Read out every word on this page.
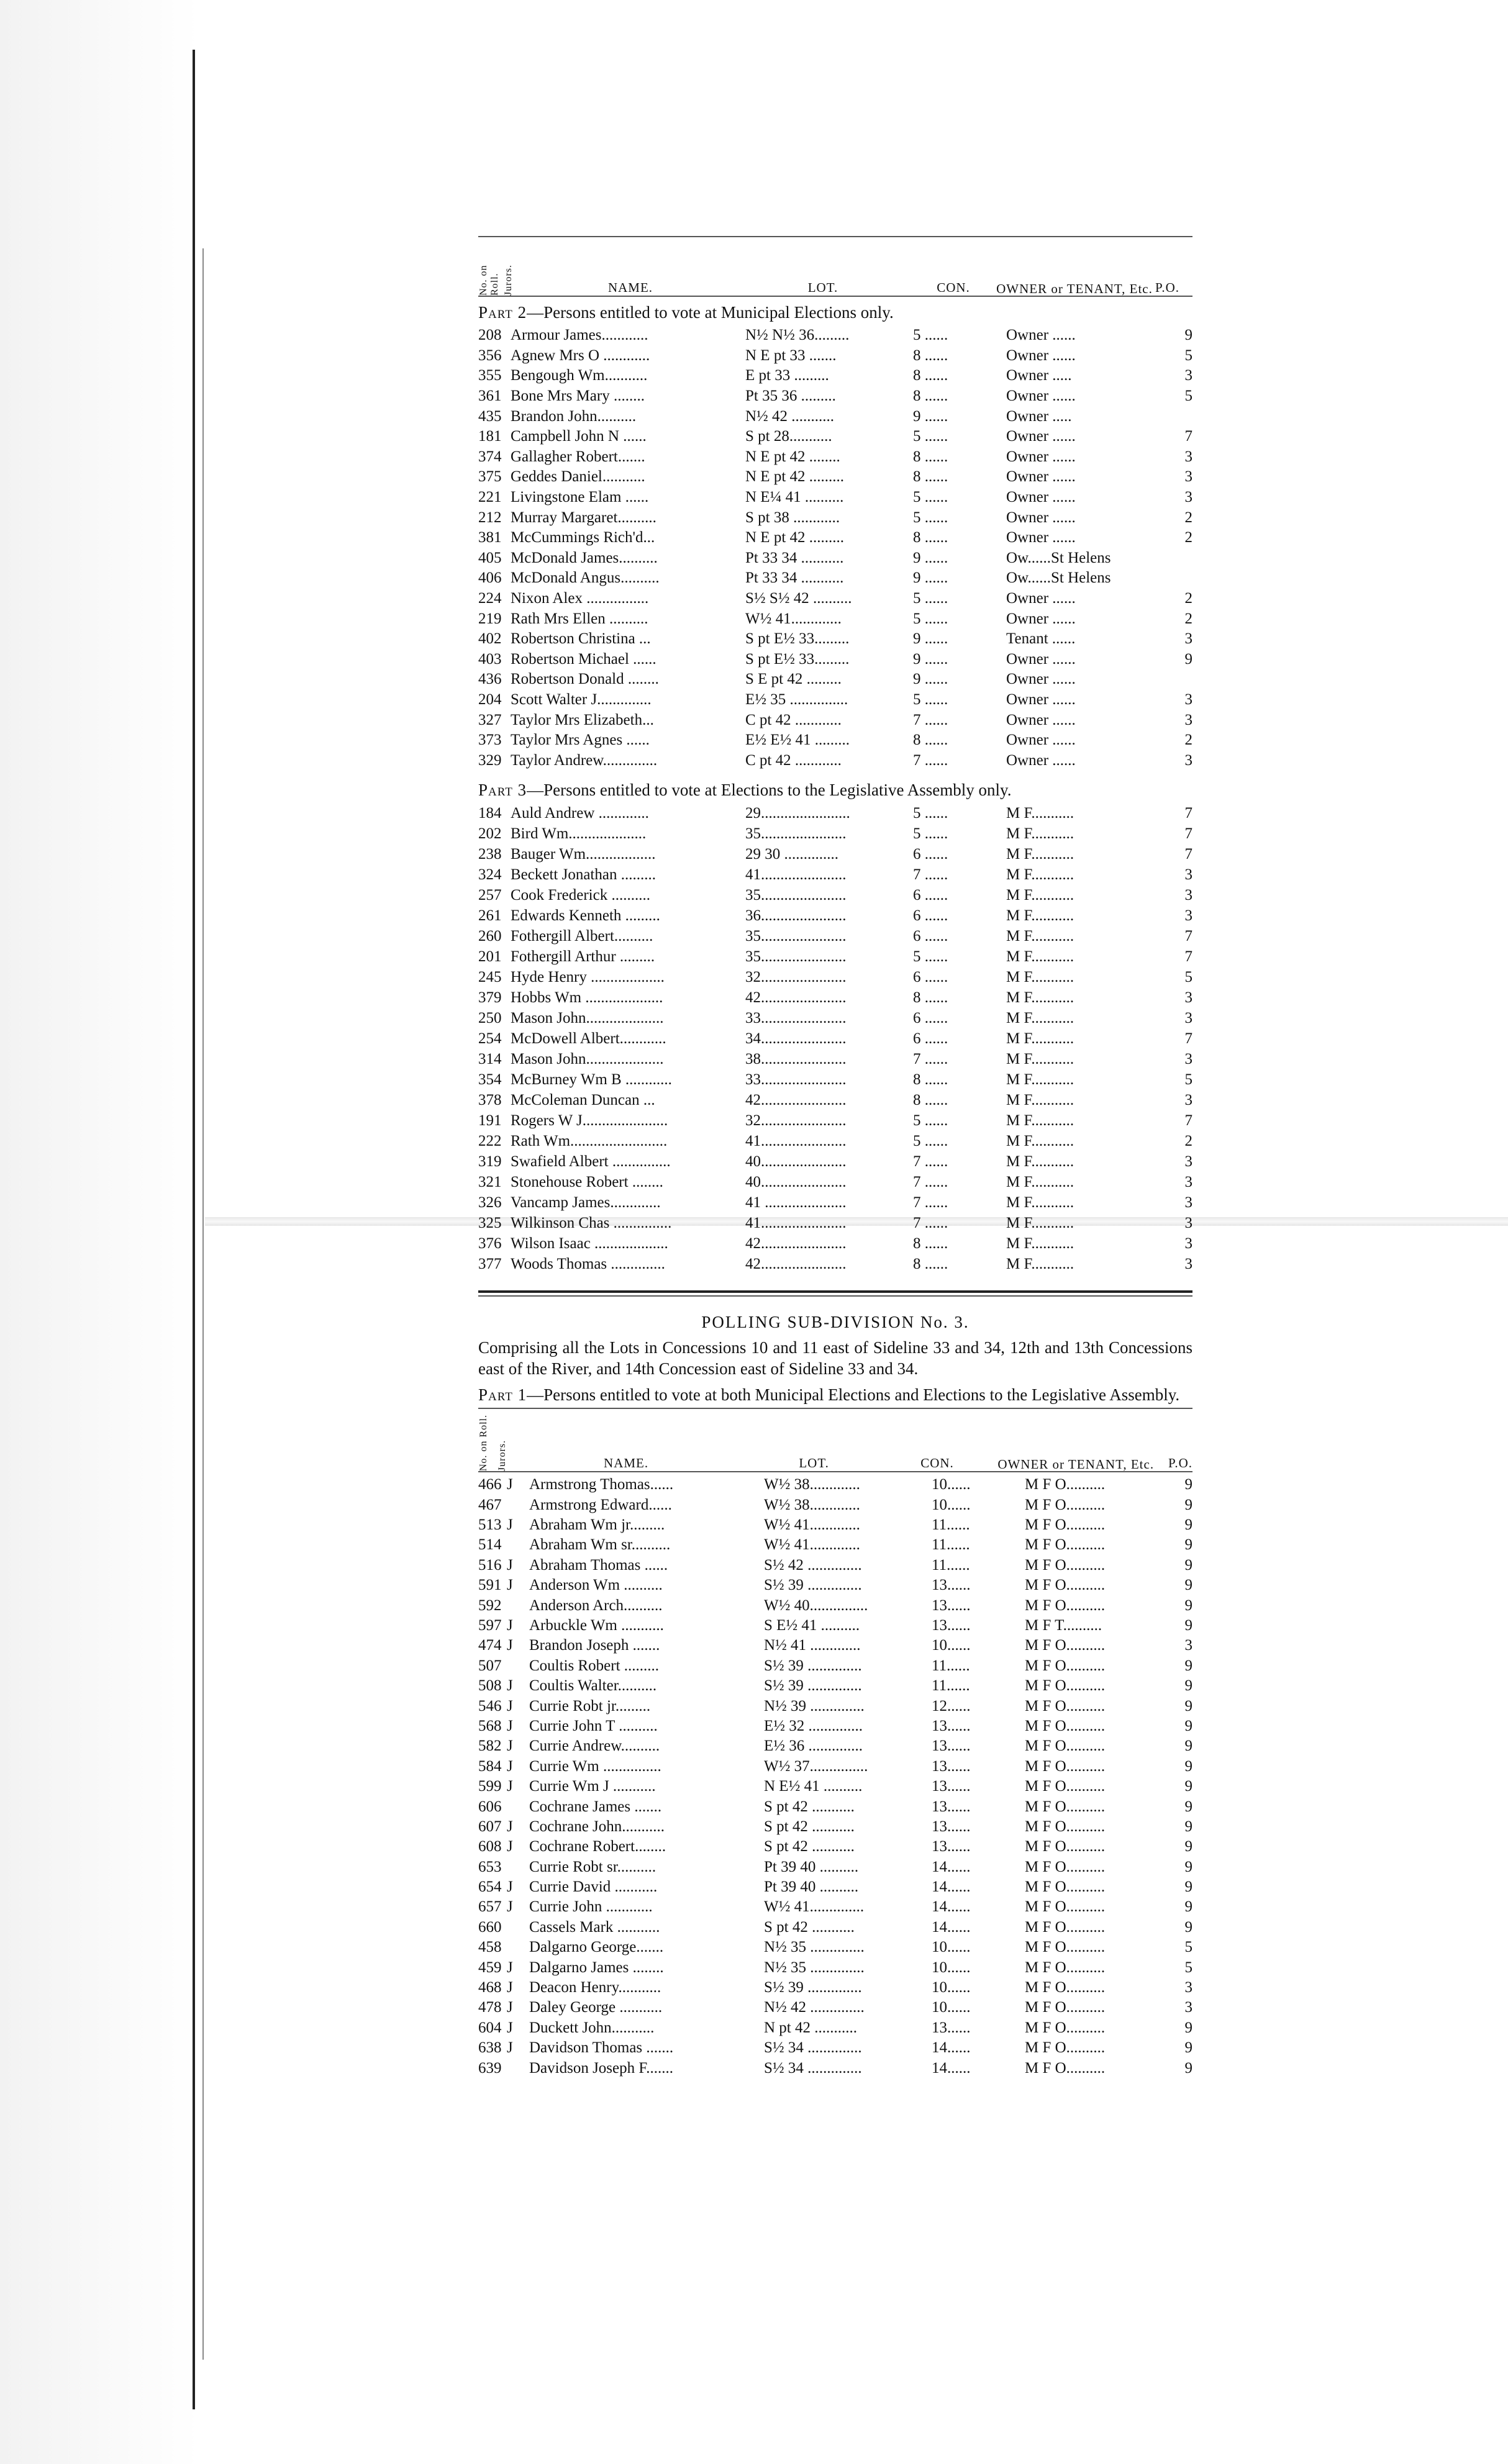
No. on Roll. Jurors.	NAME.	LOT.	CON.	OWNER or TENANT, Etc. P.O.
Part 2—Persons entitled to vote at Municipal Elections only.
208	Armour James............	N½ N½ 36.........	5 ......	Owner ......	9
356	Agnew Mrs O ............	N E pt 33 .......	8 ......	Owner ......	5
355	Bengough Wm...........	E pt 33 .........	8 ......	Owner .....	3
361	Bone Mrs Mary ........	Pt 35 36 .........	8 ......	Owner ......	5
435	Brandon John..........	N½ 42 ...........	9 ......	Owner .....	
181	Campbell John N ......	S pt 28...........	5 ......	Owner ......	7
374	Gallagher Robert.......	N E pt 42 ........	8 ......	Owner ......	3
375	Geddes Daniel...........	N E pt 42 .........	8 ......	Owner ......	3
221	Livingstone Elam ......	N E¼ 41 ..........	5 ......	Owner ......	3
212	Murray Margaret..........	S pt 38 ............	5 ......	Owner ......	2
381	McCummings Rich'd...	N E pt 42 .........	8 ......	Owner ......	2
405	McDonald James..........	Pt 33 34 ...........	9 ......	Ow......St Helens	
406	McDonald Angus..........	Pt 33 34 ...........	9 ......	Ow......St Helens	
224	Nixon Alex ................	S½ S½ 42 ..........	5 ......	Owner ......	2
219	Rath Mrs Ellen ..........	W½ 41.............	5 ......	Owner ......	2
402	Robertson Christina ...	S pt E½ 33.........	9 ......	Tenant ......	3
403	Robertson Michael ......	S pt E½ 33.........	9 ......	Owner ......	9
436	Robertson Donald ........	S E pt 42 .........	9 ......	Owner ......	
204	Scott Walter J..............	E½ 35 ...............	5 ......	Owner ......	3
327	Taylor Mrs Elizabeth...	C pt 42 ............	7 ......	Owner ......	3
373	Taylor Mrs Agnes ......	E½ E½ 41 .........	8 ......	Owner ......	2
329	Taylor Andrew..............	C pt 42 ............	7 ......	Owner ......	3
Part 3—Persons entitled to vote at Elections to the Legislative Assembly only.
184	Auld Andrew .............	29.......................	5 ......	M F...........	7
202	Bird Wm....................	35......................	5 ......	M F...........	7
238	Bauger Wm..................	29 30 ..............	6 ......	M F...........	7
324	Beckett Jonathan .........	41......................	7 ......	M F...........	3
257	Cook Frederick ..........	35......................	6 ......	M F...........	3
261	Edwards Kenneth .........	36......................	6 ......	M F...........	3
260	Fothergill Albert..........	35......................	6 ......	M F...........	7
201	Fothergill Arthur .........	35......................	5 ......	M F...........	7
245	Hyde Henry ...................	32......................	6 ......	M F...........	5
379	Hobbs Wm ....................	42......................	8 ......	M F...........	3
250	Mason John....................	33......................	6 ......	M F...........	3
254	McDowell Albert............	34......................	6 ......	M F...........	7
314	Mason John....................	38......................	7 ......	M F...........	3
354	McBurney Wm B ............	33......................	8 ......	M F...........	5
378	McColeman Duncan ...	42......................	8 ......	M F...........	3
191	Rogers W J......................	32......................	5 ......	M F...........	7
222	Rath Wm.........................	41......................	5 ......	M F...........	2
319	Swafield Albert ...............	40......................	7 ......	M F...........	3
321	Stonehouse Robert ........	40......................	7 ......	M F...........	3
326	Vancamp James.............	41 .....................	7 ......	M F...........	3
325	Wilkinson Chas ...............	41......................	7 ......	M F...........	3
376	Wilson Isaac ...................	42......................	8 ......	M F...........	3
377	Woods Thomas ..............	42......................	8 ......	M F...........	3
POLLING SUB-DIVISION No. 3.
Comprising all the Lots in Concessions 10 and 11 east of Sideline 33 and 34, 12th and 13th Concessions east of the River, and 14th Concession east of Sideline 33 and 34.
Part 1—Persons entitled to vote at both Municipal Elections and Elections to the Legislative Assembly.
No. on Roll. Jurors.	NAME.	LOT.	CON.	OWNER or TENANT, Etc.	P.O.
466	J	Armstrong Thomas......	W½ 38.............	10......	M F O..........	9
467		Armstrong Edward......	W½ 38.............	10......	M F O..........	9
513	J	Abraham Wm jr.........	W½ 41.............	11......	M F O..........	9
514		Abraham Wm sr..........	W½ 41.............	11......	M F O..........	9
516	J	Abraham Thomas ......	S½ 42 ..............	11......	M F O..........	9
591	J	Anderson Wm ..........	S½ 39 ..............	13......	M F O..........	9
592		Anderson Arch..........	W½ 40...............	13......	M F O..........	9
597	J	Arbuckle Wm ...........	S E½ 41 ..........	13......	M F T..........	9
474	J	Brandon Joseph .......	N½ 41 .............	10......	M F O..........	3
507		Coultis Robert .........	S½ 39 ..............	11......	M F O..........	9
508	J	Coultis Walter..........	S½ 39 ..............	11......	M F O..........	9
546	J	Currie Robt jr.........	N½ 39 ..............	12......	M F O..........	9
568	J	Currie John T ..........	E½ 32 ..............	13......	M F O..........	9
582	J	Currie Andrew..........	E½ 36 ..............	13......	M F O..........	9
584	J	Currie Wm ...............	W½ 37...............	13......	M F O..........	9
599	J	Currie Wm J ...........	N E½ 41 ..........	13......	M F O..........	9
606		Cochrane James .......	S pt 42 ...........	13......	M F O..........	9
607	J	Cochrane John...........	S pt 42 ...........	13......	M F O..........	9
608	J	Cochrane Robert........	S pt 42 ...........	13......	M F O..........	9
653		Currie Robt sr..........	Pt 39 40 ..........	14......	M F O..........	9
654	J	Currie David ...........	Pt 39 40 ..........	14......	M F O..........	9
657	J	Currie John ............	W½ 41..............	14......	M F O..........	9
660		Cassels Mark ...........	S pt 42 ...........	14......	M F O..........	9
458		Dalgarno George.......	N½ 35 ..............	10......	M F O..........	5
459	J	Dalgarno James ........	N½ 35 ..............	10......	M F O..........	5
468	J	Deacon Henry...........	S½ 39 ..............	10......	M F O..........	3
478	J	Daley George ...........	N½ 42 ..............	10......	M F O..........	3
604	J	Duckett John...........	N pt 42 ...........	13......	M F O..........	9
638	J	Davidson Thomas .......	S½ 34 ..............	14......	M F O..........	9
639		Davidson Joseph F.......	S½ 34 ..............	14......	M F O..........	9
